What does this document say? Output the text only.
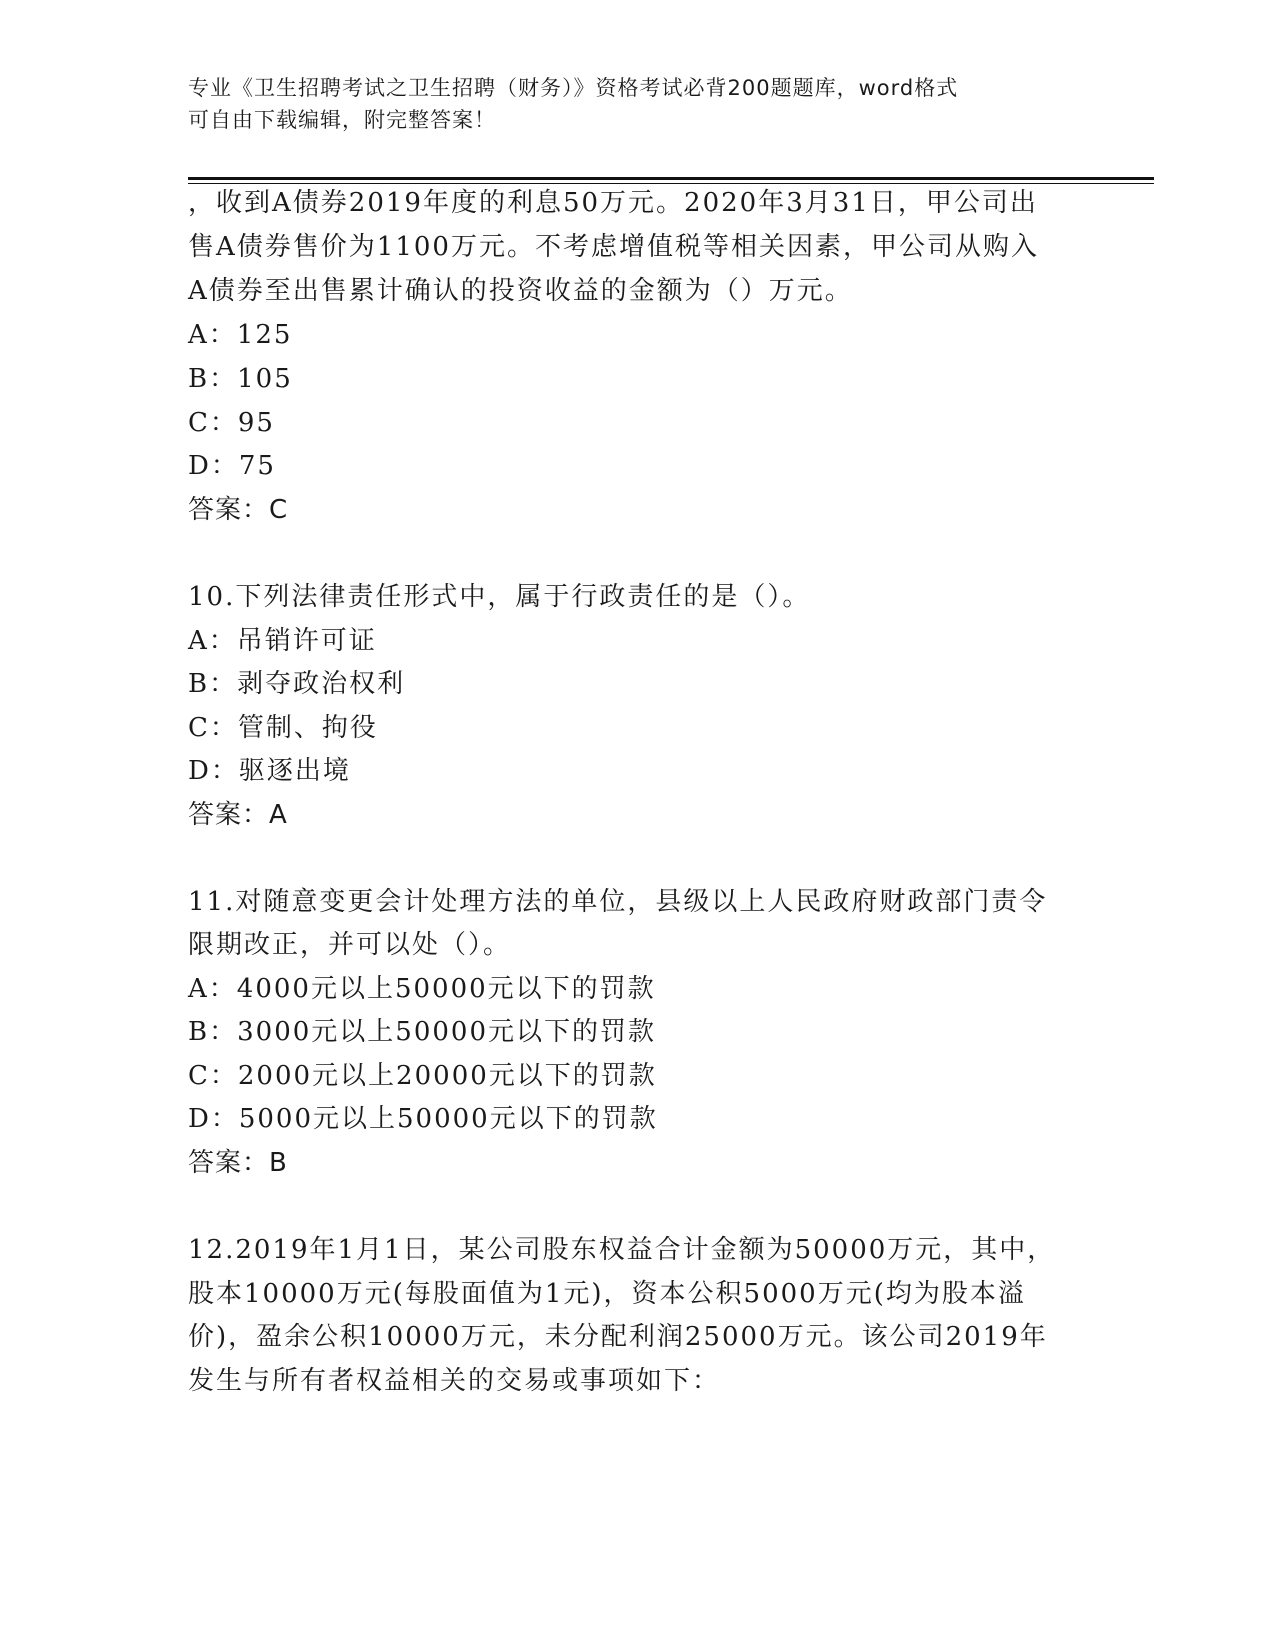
专业《卫生招聘考试之卫生招聘（财务）》资格考试必背200题题库，word格式
可自由下载编辑，附完整答案！
，收到A债券2019年度的利息50万元。2020年3月31日，甲公司出
售A债券售价为1100万元。不考虑增值税等相关因素，甲公司从购入
A债券至出售累计确认的投资收益的金额为（）万元。
A：125
B：105
C：95
D：75
答案：C
10.下列法律责任形式中，属于行政责任的是（）。
A：吊销许可证
B：剥夺政治权利
C：管制、拘役
D：驱逐出境
答案：A
11.对随意变更会计处理方法的单位，县级以上人民政府财政部门责令
限期改正，并可以处（）。
A：4000元以上50000元以下的罚款
B：3000元以上50000元以下的罚款
C：2000元以上20000元以下的罚款
D：5000元以上50000元以下的罚款
答案：B
12.2019年1月1日，某公司股东权益合计金额为50000万元，其中，
股本10000万元(每股面值为1元)，资本公积5000万元(均为股本溢
价)，盈余公积10000万元，未分配利润25000万元。该公司2019年
发生与所有者权益相关的交易或事项如下：
